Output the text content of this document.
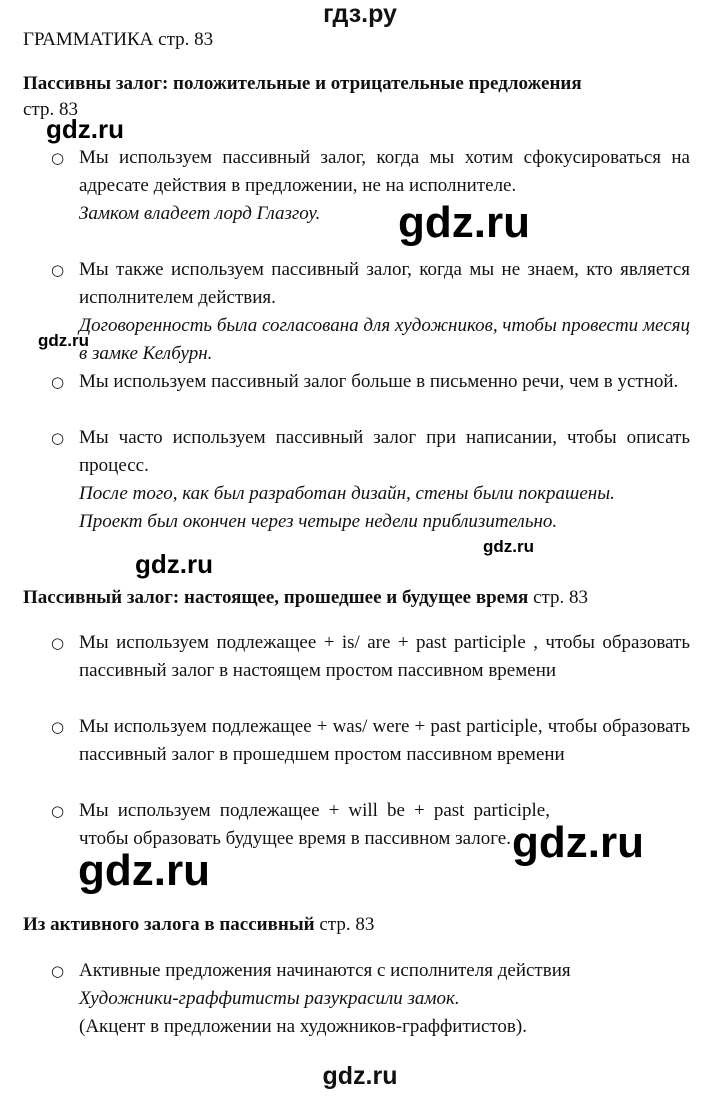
гдз.ру
ГРАММАТИКА стр. 83
Пассивны залог: положительные и отрицательные предложения
стр. 83
○ Мы используем пассивный залог, когда мы хотим сфокусироваться на адресате действия в предложении, не на исполнителе.
Замком владеет лорд Глазгоу.
○ Мы также используем пассивный залог, когда мы не знаем, кто является исполнителем действия.
Договоренность была согласована для художников, чтобы провести месяц в замке Келбурн.
○ Мы используем пассивный залог больше в письменно речи, чем в устной.
○ Мы часто используем пассивный залог при написании, чтобы описать процесс.
После того, как был разработан дизайн, стены были покрашены.
Проект был окончен через четыре недели приблизительно.
Пассивный залог: настоящее, прошедшее и будущее время стр. 83
○ Мы используем подлежащее + is/ are + past participle , чтобы образовать пассивный залог в настоящем простом пассивном времени
○ Мы используем подлежащее + was/ were + past participle, чтобы образовать пассивный залог в прошедшем простом пассивном времени
○ Мы используем подлежащее + will be + past participle, чтобы образовать будущее время в пассивном залоге.
Из активного залога в пассивный стр. 83
○ Активные предложения начинаются с исполнителя действия
Художники-граффитисты разукрасили замок.
(Акцент в предложении на художников-граффитистов).
gdz.ru
gdz.ru
gdz.ru
gdz.ru
gdz.ru
gdz.ru
gdz.ru
gdz.ru
